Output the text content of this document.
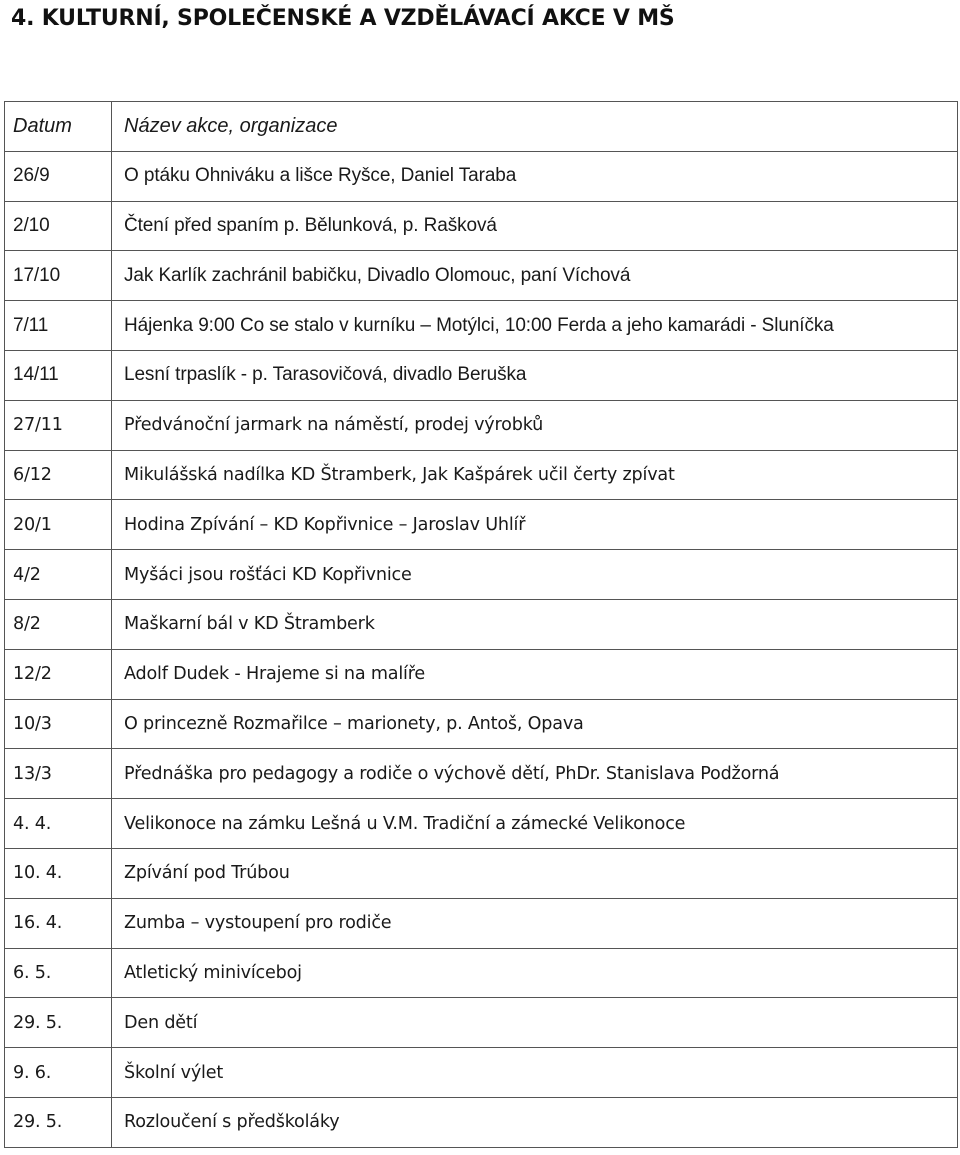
4. KULTURNÍ, SPOLEČENSKÉ A VZDĚLÁVACÍ AKCE V MŠ
Datum	Název akce, organizace
26/9	O ptáku Ohniváku a lišce Ryšce, Daniel Taraba
2/10	Čtení před spaním p. Bělunková, p. Rašková
17/10	Jak Karlík zachránil babičku, Divadlo Olomouc, paní Víchová
7/11	Hájenka 9:00 Co se stalo v kurníku – Motýlci, 10:00 Ferda a jeho kamarádi - Sluníčka
14/11	Lesní trpaslík - p. Tarasovičová, divadlo Beruška
27/11	Předvánoční jarmark na náměstí, prodej výrobků
6/12	Mikulášská nadílka KD Štramberk, Jak Kašpárek učil čerty zpívat
20/1	Hodina Zpívání – KD Kopřivnice – Jaroslav Uhlíř
4/2	Myšáci jsou rošťáci KD Kopřivnice
8/2	Maškarní bál v KD Štramberk
12/2	Adolf Dudek - Hrajeme si na malíře
10/3	O princezně Rozmařilce – marionety, p. Antoš, Opava
13/3	Přednáška pro pedagogy a rodiče o výchově dětí, PhDr. Stanislava Podžorná
4. 4.	Velikonoce na zámku Lešná u V.M. Tradiční a zámecké Velikonoce
10. 4.	Zpívání pod Trúbou
16. 4.	Zumba – vystoupení pro rodiče
6. 5.	Atletický minivíceboj
29. 5.	Den dětí
9. 6.	Školní výlet
29. 5.	Rozloučení s předškoláky
